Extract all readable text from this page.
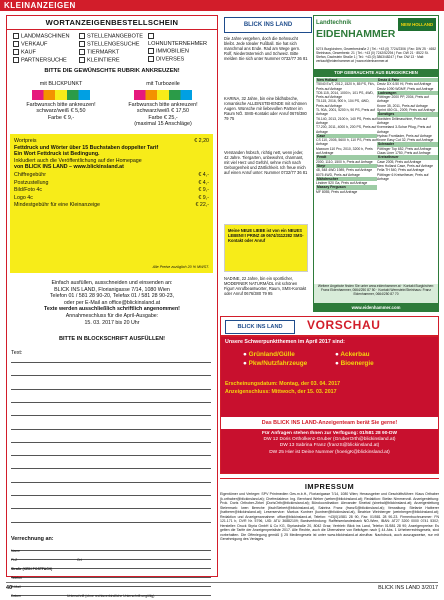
KLEINANZEIGEN
WORTANZEIGENBESTELLSCHEIN
LANDMASCHINEN
VERKAUF
KAUF
PARTNERSUCHE
STELLENANGEBOTE
STELLENGESUCHE
TIERMARKT
KLEINTIERE
LOHNUNTERNEHMER
IMMOBILIEN
DIVERSES
BITTE DIE GEWÜNSCHTE RUBRIK ANKREUZEN!
mit BLICKPUNKT
Farbwunsch bitte ankreuzen!
schwarz/weiß € 5,50
Farbe € 9,-
mit Turbozeile
Farbwunsch bitte ankreuzen!
schwarz/weiß € 17,50
Farbe € 25,-
(maximal 15 Anschläge)
Wortpreis	€ 2,20
Fettdruck und Wörter über 15 Buchstaben doppelter Tarif
Ein Wort Fettdruck ist Bedingung.
Inkludiert auch die Veröffentlichung auf der Homepage
von BLICK INS LAND – www.blickinsland.at
Chiffregebühr	€ 4,-
Postzustellung	€ 4,-
Bild/Foto 4c	€ 9,-
Logo 4c	€ 9,-
Mindestgebühr für eine Kleinanzeige	€ 22,-
Alle Preise zuzüglich 20 % MWST.
Einfach ausfüllen, ausschneiden und einsenden an:
BLICK INS LAND, Florianigasse 7/14, 1080 Wien
Telefon 01 / 581 28 90-20, Telefax 01 / 581 28 90-23,
oder per E-Mail an office@blickinsland.at
Texte werden ausschließlich schriftlich angenommen!
Annahmeschluss für die April-Ausgabe:
15. 03. 2017 bis 20 Uhr
BITTE IN BLOCKSCHRIFT AUSFÜLLEN!
Text:
Verrechnung an:
Name
PLZ	Ort
Straße (KEIN POSTFACH)
Telefon
E-Mail
Datum	Unterschrift (ohne rechtsverbindliche Unterschrift ungültig)
BLICK INS LAND
Die Jahre vergehen, doch die Sehnsucht bleibt. Jede Idealer Fußball. Sie hat sich manchmal ans Ende. Rad am Wege gern. Rolf, Niederösterreich und Schweiz. Bitte melden Sie sich unter Nummer 0732/77 36 81
KARINA, 32 Jahre, bin eine bildhübsche, romantische ALLEINSTEHENDE mit schönen Augen. Wünsche mir liebevollen Partner im Raum NÖ. SMS-Kontakt oder Anruf 0676/380 79 75
Verstanden hübsch, richtig nett, wenn jeder, 42 Jahre. Tiergarten, unbewohnt, charmant, mit viel Herz und Gefühl, sehne mich nach Geborgenheit und Zärtlichkeit. Ich freue mich auf einen Anruf unter: Nummer 0732/77 36 81
Meine NEUE LIEBE ist von ein NEUES LEBEN!!! PRINZ 49 0674/3112282 SMS-Kontakt oder Anruf
NADINE, 22 Jahre, bin ein sportlicher, MODERNER NATURMÄDL mit schönen Figur! Anrufbeantworter, Raum, SMS-Kontakt oder Anruf 0676/380 79 95
Landtechnik
EIDENHAMMER
NEW HOLLAND
5274 Burgkirchen, Gewerbestraße 2 | Tel.: +43 (0) 7724/2306 | Fax: DW 25 · 4652 Steinhaus, Gewerbestr. 21 | Tel.: +43 (0) 7242/52294 | Fax: DW 21 · 8522 St. Stefan, Dachstein Straße 1 | Tel.: +43 (0) 3863/48247 | Fax: DW 13 · Mail: verkauf@eidenhammer.at | www.eidenhammer.at
TOP GEBRAUCHTE AUS BURGKIRCHEN
New Holland
T5040 Ec/T, 2012, 1520 h, 85 PS, Fkh., Preis auf Anfrage
TD5.115, 2014, 1000 h, 101 PS, 4WD, Preis auf Anfrage
T5.115, 2016, 900 h, 104 PS, 4WD, Preis auf Anfrage
TL 90A, 2001, 5200 h, 90 PS, Preis auf Anfrage
T6.140, 2013, 2100 h, 140 PS, Preis auf Anfrage
T7.200, 2011, 4000 h, 200 PS, Preis auf Anfrage
Case
CS 110, 2005, 5600 h, 110 PS, Preis auf Anfrage
Maxxum 110 Pro, 2010, 3200 h, Preis auf Anfrage
Fendt
2000, 1110, 1500 h, Preis auf Anfrage
Steyr
48, 548 4WD 1989, Preis auf Anfrage
8075 4WD, Preis auf Anfrage
Mähdrescher
Lindner 520 Ga, Preis auf Anfrage
Massey Ferguson
MF 8055, Preis auf Anfrage
Deutz & Fahr
Deutz DX 6.50 HI, Preis auf Anfrage
Deutz 1090 WDMF, Preis auf Anfrage
Ladewagen
Pöttinger 2000 PP, 2004, Preis auf Anfrage
Krone 35, 2011, Preis auf Anfrage
Sprint 450 GL, 2009, Preis auf Anfrage
Sonstiges
Nordsten Drillmaschine, Preis auf Anfrage
Kverneland 3-Schar Pflug, Preis auf Anfrage
Hydrac Frontlader, Preis auf Anfrage
Krone Easy Cut 32, Preis auf Anfrage
Schwader
Pöttinger Top 652, Preis auf Anfrage
Claas Liner 1750, Preis auf Anfrage
Kreiselheuer
Case 2005, Preis auf Anfrage
New Holland Case, Preis auf Anfrage
Fella TH 540, Preis auf Anfrage
Pöttinger 6 Kreiselheuer, Preis auf Anfrage
Weitere Angebote finden Sie unter www.eidenhammer.at · Kontakt Burgkirchen: Franz Eidenhammer, 0664/250 87 50 · Kontakt Wernstein/Steinhaus: Franz Eidenhammer, 0664/250 87 70
www.eidenhammer.com
BLICK INS LAND	VORSCHAU
Unsere Schwerpunktthemen im April 2017 sind:
● Grünland/Gülle
● Pkw/Nutzfahrzeuge
● Ackerbau
● Bioenergie
Erscheinungsdatum: Montag, der 03. 04. 2017
Anzeigenschluss: Mittwoch, der 15. 03. 2017
Das BLICK INS LAND-Anzeigenteam berät Sie gerne!
Für Anfragen stehen Ihnen zur Verfügung: 01/581 28 90-DW
DW 12 Doris Ortholkenz-Gruber (GruberOrth@blickinsland.at)
DW 13 Sabrina Franz (franzS@blickinsland.at)
DW 25 Hier ist Deine Nummer (hoerigK@blickinsland.at)
IMPRESSUM
Eigentümer und Verleger: SPV Printmedien Ges.m.b.H., Florianigasse 7/14, 1080 Wien; Herausgeber und Geschäftsführer: Klaus Orthaber (k.orthaber@blickinsland.at); Chefredakteur: Ing. Bernhard Weber (weber@blickinsland.at); Redaktion: Stefan Nimmervoll. Anzeigenleitung: Prok. Doris Orthober-Zirkel (DorisOrth@blickinsland.at); Bürokoordination: Alexander Sinebal (sinebal@blickinsland.at); Anzeigenleitung Steiermark: Iwen Bereche (tischSiebert@blickinsland.at), Sabrina Franz (franzS@blickinsland.at); Verwaltung: Stefanie Hatberer (hatberer@blickinsland.at); Leserservice: Markus Kuntner (kuntner@blickinsland.at), Beatrice Weinberger (weinberger@blickinsland.at); Redaktion und Anzeigenannahme: office@blickinsland.at, Telefon: +43(0)1/581 28 90, Fax: 01/581 28 90-23. Firmenbuchnummer: FN 121.171 b, DVR Nr. 5796, UID: ATU 36882109; Bankverbindung: Raiffeisenlandesbank NÖ-Wien, IBAN: AT27 3200 0000 0741 5302; Hersteller: Druck Styria GmbH & Co KG, Styriastraße 20, 8042 Graz; Vertrieb: Blick ins Land, Telefon 01/581 28 90; Anzeigenpreise: Es gelten die Tarife der Anzeigenpreisliste 2017. Alle Rechte, auch die Übernahme von Beiträgen nach § 44 Abs. 1 Urheberrechtsgesetz, sind vorbehalten. Die Offenlegung gemäß § 25 Mediengesetz ist unter www.blickinsland.at abrufbar. Nachdruck, auch auszugsweise, nur mit Genehmigung des Verlages.
46	BLICK INS LAND 3/2017
